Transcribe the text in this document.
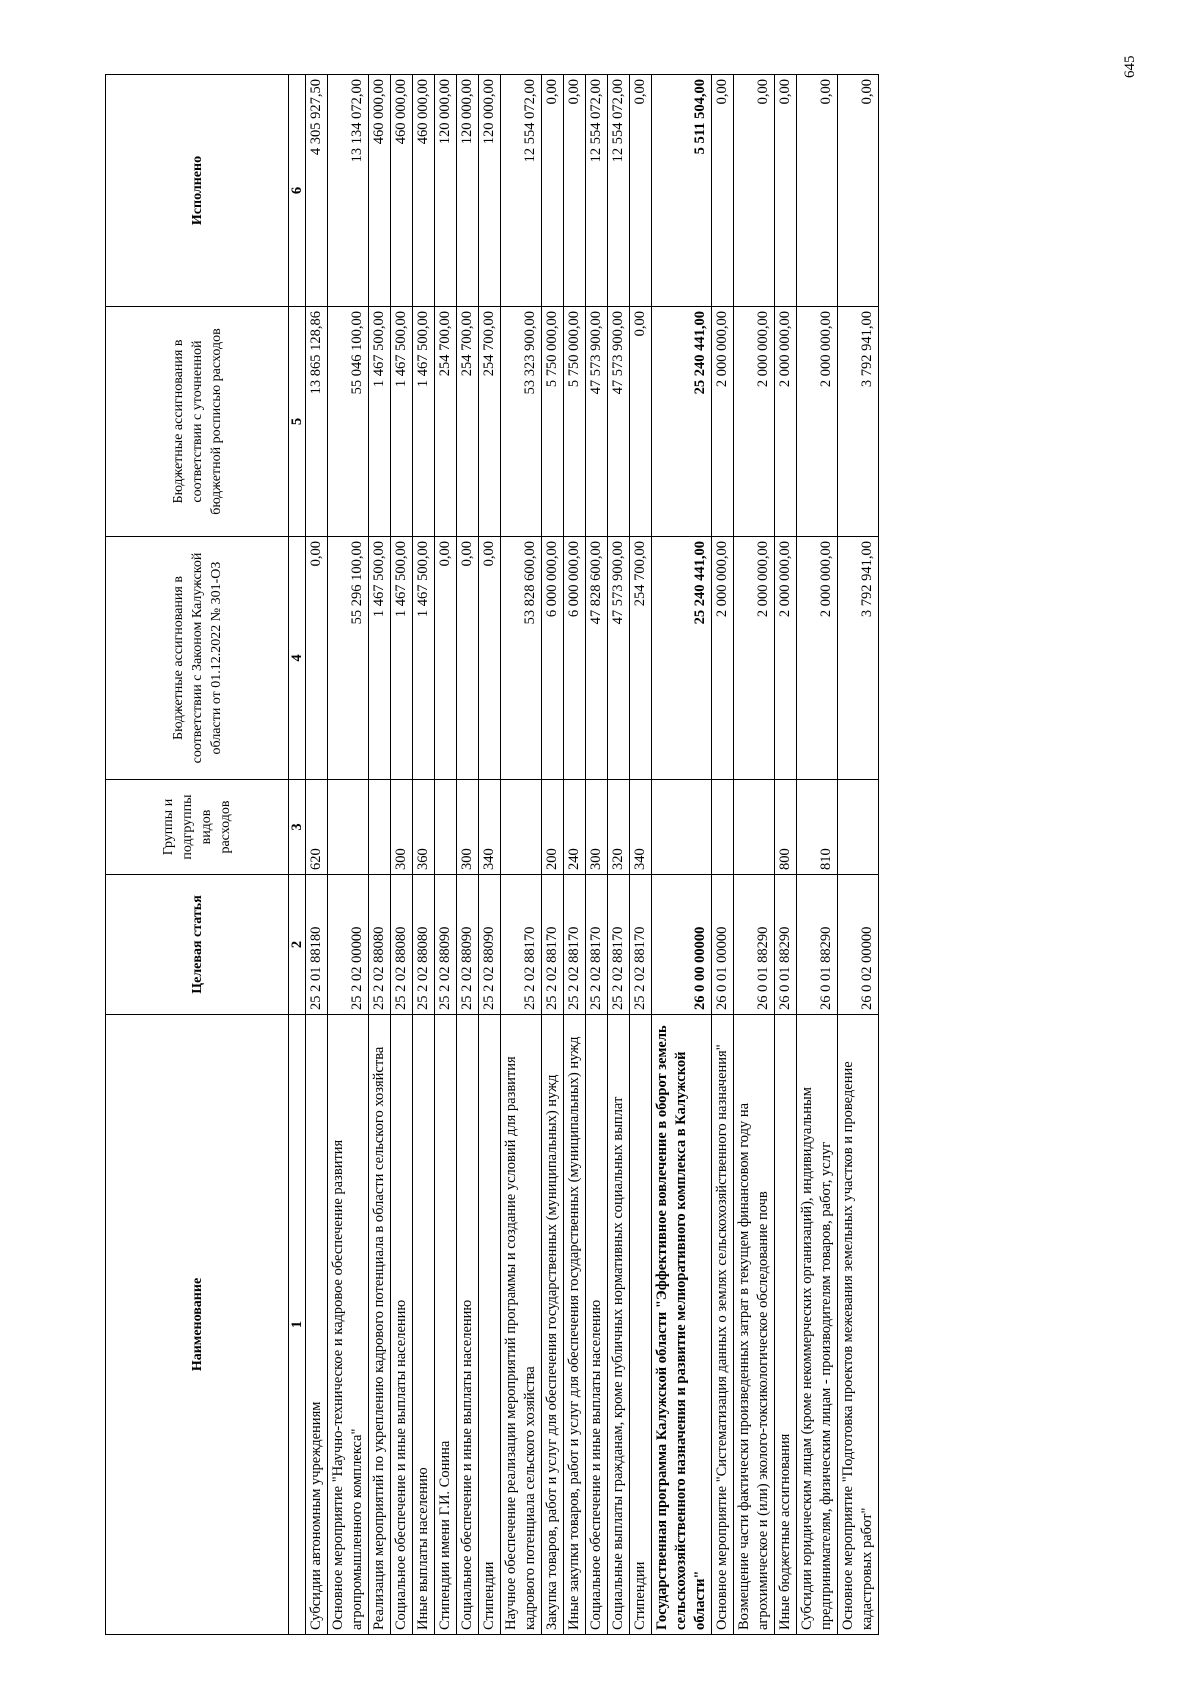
Наименование	Целевая статья	Группы и подгруппы видов расходов	Бюджетные ассигнования в соответствии с Законом Калужской области от 01.12.2022 № 301-ОЗ	Бюджетные ассигнования в соответствии с уточненной бюджетной росписью расходов	Исполнено
1	2	3	4	5	6
Субсидии автономным учреждениям	25 2 01 88180	620	0,00	13 865 128,86	4 305 927,50
Основное мероприятие "Научно-техническое и кадровое обеспечение развития агропромышленного комплекса"	25 2 02 00000		55 296 100,00	55 046 100,00	13 134 072,00
Реализация мероприятий по укреплению кадрового потенциала в области сельского хозяйства	25 2 02 88080		1 467 500,00	1 467 500,00	460 000,00
Социальное обеспечение и иные выплаты населению	25 2 02 88080	300	1 467 500,00	1 467 500,00	460 000,00
Иные выплаты населению	25 2 02 88080	360	1 467 500,00	1 467 500,00	460 000,00
Стипендии имени Г.И. Сонина	25 2 02 88090		0,00	254 700,00	120 000,00
Социальное обеспечение и иные выплаты населению	25 2 02 88090	300	0,00	254 700,00	120 000,00
Стипендии	25 2 02 88090	340	0,00	254 700,00	120 000,00
Научное обеспечение реализации мероприятий программы и создание условий для развития кадрового потенциала сельского хозяйства	25 2 02 88170		53 828 600,00	53 323 900,00	12 554 072,00
Закупка товаров, работ и услуг для обеспечения государственных (муниципальных) нужд	25 2 02 88170	200	6 000 000,00	5 750 000,00	0,00
Иные закупки товаров, работ и услуг для обеспечения государственных (муниципальных) нужд	25 2 02 88170	240	6 000 000,00	5 750 000,00	0,00
Социальное обеспечение и иные выплаты населению	25 2 02 88170	300	47 828 600,00	47 573 900,00	12 554 072,00
Социальные выплаты гражданам, кроме публичных нормативных социальных выплат	25 2 02 88170	320	47 573 900,00	47 573 900,00	12 554 072,00
Стипендии	25 2 02 88170	340	254 700,00	0,00	0,00
Государственная программа Калужской области "Эффективное вовлечение в оборот земель сельскохозяйственного назначения и развитие мелиоративного комплекса в Калужской области"	26 0 00 00000		25 240 441,00	25 240 441,00	5 511 504,00
Основное мероприятие "Систематизация данных о землях сельскохозяйственного назначения"	26 0 01 00000		2 000 000,00	2 000 000,00	0,00
Возмещение части фактически произведенных затрат в текущем финансовом году на агрохимическое и (или) эколого-токсикологическое обследование почв	26 0 01 88290		2 000 000,00	2 000 000,00	0,00
Иные бюджетные ассигнования	26 0 01 88290	800	2 000 000,00	2 000 000,00	0,00
Субсидии юридическим лицам (кроме некоммерческих организаций), индивидуальным предпринимателям, физическим лицам - производителям товаров, работ, услуг	26 0 01 88290	810	2 000 000,00	2 000 000,00	0,00
Основное мероприятие "Подготовка проектов межевания земельных участков и проведение кадастровых работ"	26 0 02 00000		3 792 941,00	3 792 941,00	0,00
645
